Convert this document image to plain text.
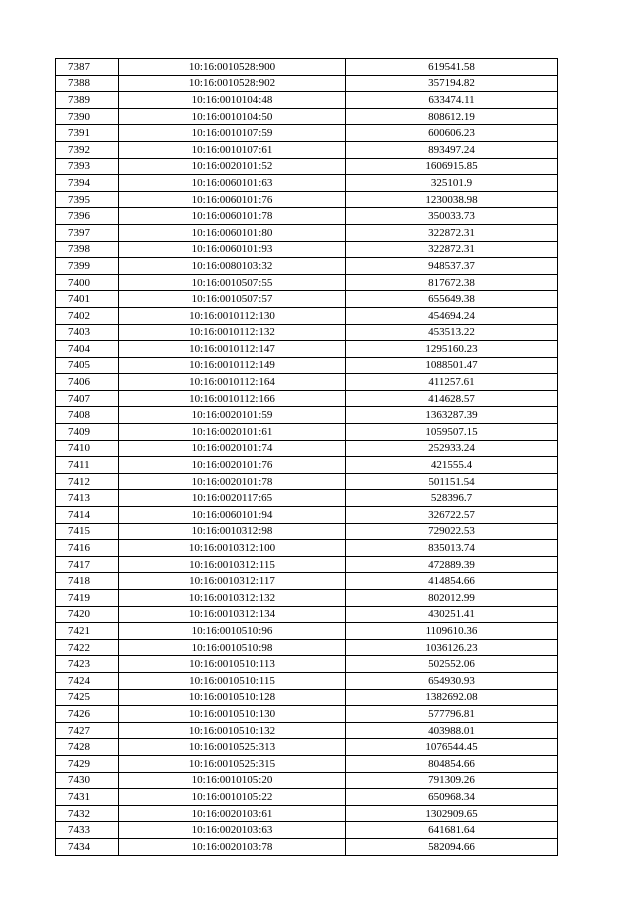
7387	10:16:0010528:900	619541.58
7388	10:16:0010528:902	357194.82
7389	10:16:0010104:48	633474.11
7390	10:16:0010104:50	808612.19
7391	10:16:0010107:59	600606.23
7392	10:16:0010107:61	893497.24
7393	10:16:0020101:52	1606915.85
7394	10:16:0060101:63	325101.9
7395	10:16:0060101:76	1230038.98
7396	10:16:0060101:78	350033.73
7397	10:16:0060101:80	322872.31
7398	10:16:0060101:93	322872.31
7399	10:16:0080103:32	948537.37
7400	10:16:0010507:55	817672.38
7401	10:16:0010507:57	655649.38
7402	10:16:0010112:130	454694.24
7403	10:16:0010112:132	453513.22
7404	10:16:0010112:147	1295160.23
7405	10:16:0010112:149	1088501.47
7406	10:16:0010112:164	411257.61
7407	10:16:0010112:166	414628.57
7408	10:16:0020101:59	1363287.39
7409	10:16:0020101:61	1059507.15
7410	10:16:0020101:74	252933.24
7411	10:16:0020101:76	421555.4
7412	10:16:0020101:78	501151.54
7413	10:16:0020117:65	528396.7
7414	10:16:0060101:94	326722.57
7415	10:16:0010312:98	729022.53
7416	10:16:0010312:100	835013.74
7417	10:16:0010312:115	472889.39
7418	10:16:0010312:117	414854.66
7419	10:16:0010312:132	802012.99
7420	10:16:0010312:134	430251.41
7421	10:16:0010510:96	1109610.36
7422	10:16:0010510:98	1036126.23
7423	10:16:0010510:113	502552.06
7424	10:16:0010510:115	654930.93
7425	10:16:0010510:128	1382692.08
7426	10:16:0010510:130	577796.81
7427	10:16:0010510:132	403988.01
7428	10:16:0010525:313	1076544.45
7429	10:16:0010525:315	804854.66
7430	10:16:0010105:20	791309.26
7431	10:16:0010105:22	650968.34
7432	10:16:0020103:61	1302909.65
7433	10:16:0020103:63	641681.64
7434	10:16:0020103:78	582094.66
